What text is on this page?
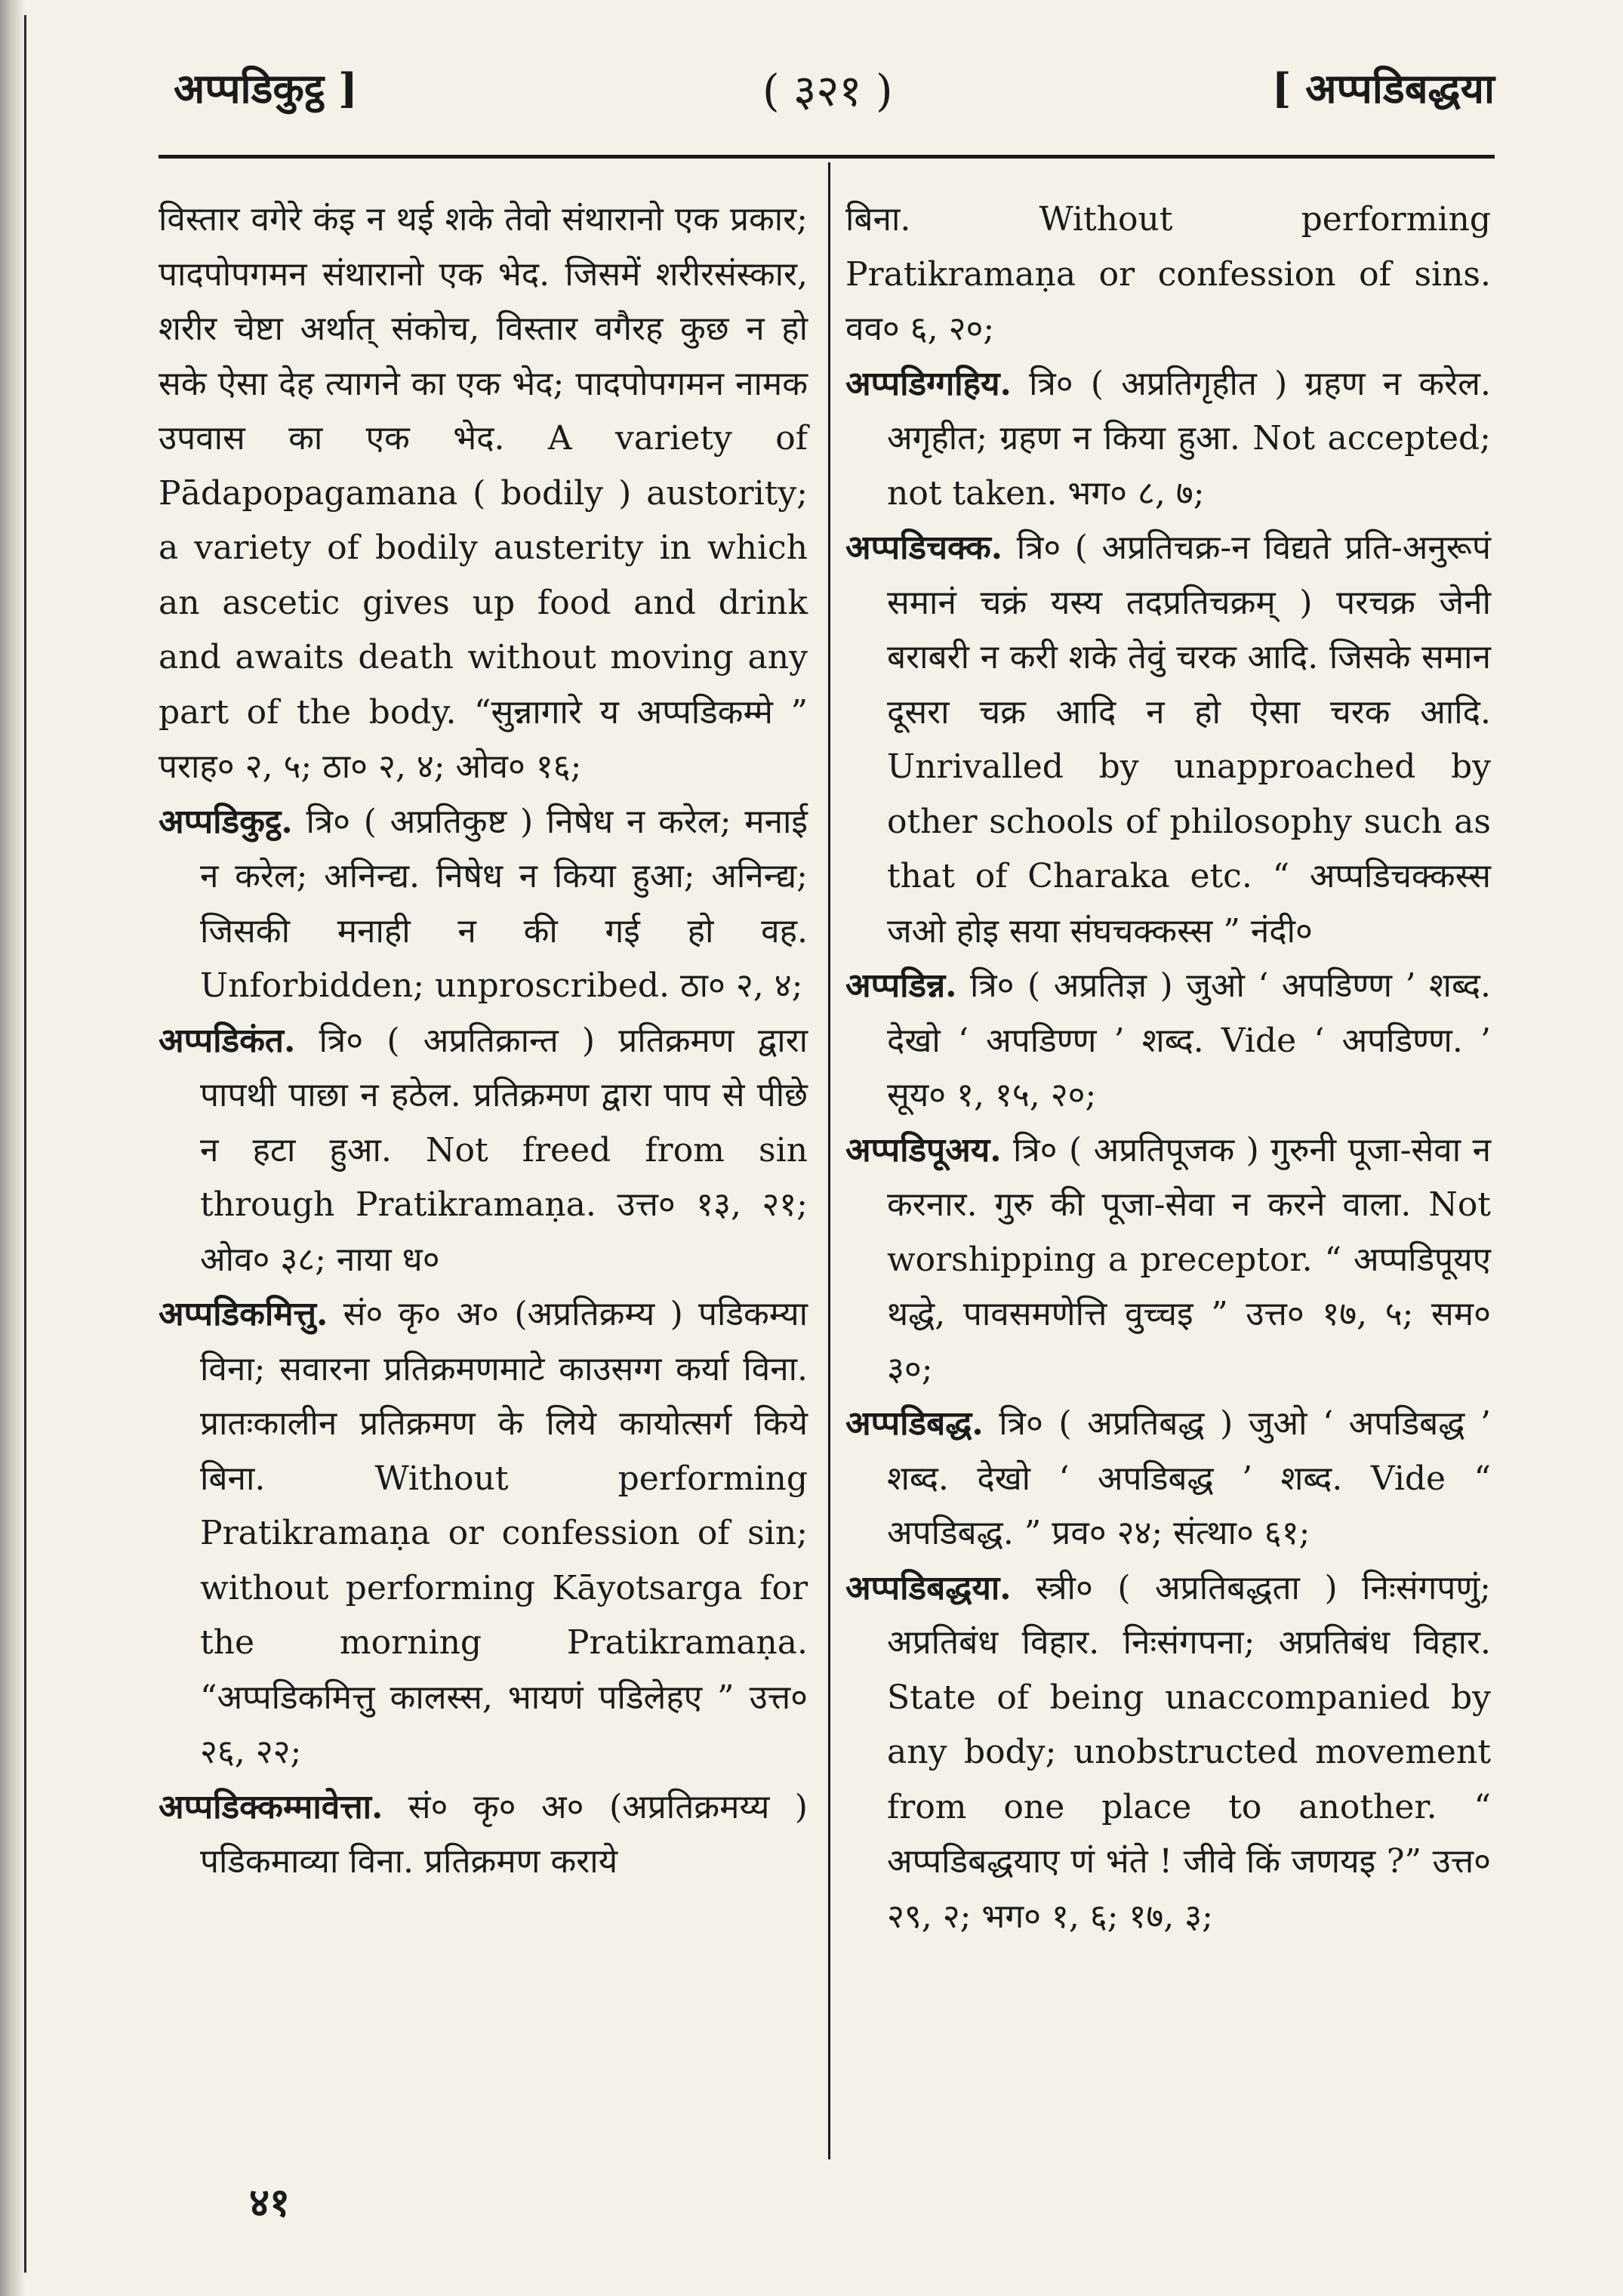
अप्पडिकुट्ठ ]	( ३२१ )	[ अप्पडिबद्धया

विस्तार वगेरे कंइ न थई शके तेवो संथारानो एक प्रकार; पादपोपगमन संथारानो एक भेद. जिसमें शरीरसंस्कार, शरीर चेष्टा अर्थात् संकोच, विस्तार वगैरह कुछ न हो सके ऐसा देह त्यागने का एक भेद; पादपोपगमन नामक उपवास का एक भेद. A variety of Pādapopagamana ( bodily ) austority; a variety of bodily austerity in which an ascetic gives up food and drink and awaits death without moving any part of the body. “सुन्नागारे य अप्पडिकम्मे ” पराह० २, ५; ठा० २, ४; ओव० १६;

अप्पडिकुट्ठ. त्रि० ( अप्रतिकुष्ट ) निषेध न करेल; मनाई न करेल; अनिन्द्य. निषेध न किया हुआ; अनिन्द्य; जिसकी मनाही न की गई हो वह. Unforbidden; unproscribed. ठा० २, ४;

अप्पडिकंत. त्रि० ( अप्रतिक्रान्त ) प्रतिक्रमण द्वारा पापथी पाछा न हठेल. प्रतिक्रमण द्वारा पाप से पीछे न हटा हुआ. Not freed from sin through Pratikramaṇa. उत्त० १३, २१; ओव० ३८; नाया ध०

अप्पडिकमित्तु. सं० कृ० अ० (अप्रतिक्रम्य ) पडिकम्या विना; सवारना प्रतिक्रमणमाटे काउसग्ग कर्या विना. प्रातःकालीन प्रतिक्रमण के लिये कायोत्सर्ग किये बिना. Without performing Pratikramaṇa or confession of sin; without performing Kāyotsarga for the morning Pratikramaṇa. “अप्पडिकमित्तु कालस्स, भायणं पडिलेहए ” उत्त० २६, २२;

अप्पडिक्कम्मावेत्ता. सं० कृ० अ० (अप्रतिक्रमय्य ) पडिकमाव्या विना. प्रतिक्रमण कराये

बिना. Without performing Pratikramaṇa or confession of sins. वव० ६, २०;

अप्पडिग्गहिय. त्रि० ( अप्रतिगृहीत ) ग्रहण न करेल. अगृहीत; ग्रहण न किया हुआ. Not accepted; not taken. भग० ८, ७;

अप्पडिचक्क. त्रि० ( अप्रतिचक्र-न विद्यते प्रति-अनुरूपं समानं चक्रं यस्य तदप्रतिचक्रम् ) परचक्र जेनी बराबरी न करी शके तेवुं चरक आदि. जिसके समान दूसरा चक्र आदि न हो ऐसा चरक आदि. Unrivalled by unapproached by other schools of philosophy such as that of Charaka etc. “ अप्पडिचक्कस्स जओ होइ सया संघचक्कस्स ” नंदी०

अप्पडिन्न. त्रि० ( अप्रतिज्ञ ) जुओ ‘ अपडिण्ण ’ शब्द. देखो ‘ अपडिण्ण ’ शब्द. Vide ‘ अपडिण्ण. ’ सूय० १, १५, २०;

अप्पडिपूअय. त्रि० ( अप्रतिपूजक ) गुरुनी पूजा-सेवा न करनार. गुरु की पूजा-सेवा न करने वाला. Not worshipping a preceptor. “ अप्पडिपूयए थद्धे, पावसमणेत्ति वुच्चइ ” उत्त० १७, ५; सम० ३०;

अप्पडिबद्ध. त्रि० ( अप्रतिबद्ध ) जुओ ‘ अपडिबद्ध ’ शब्द. देखो ‘ अपडिबद्ध ’ शब्द. Vide “ अपडिबद्ध. ” प्रव० २४; संत्था० ६१;

अप्पडिबद्धया. स्त्री० ( अप्रतिबद्धता ) निःसंगपणुं; अप्रतिबंध विहार. निःसंगपना; अप्रतिबंध विहार. State of being unaccompanied by any body; unobstructed movement from one place to another. “ अप्पडिबद्धयाए णं भंते ! जीवे किं जणयइ ?” उत्त० २९, २; भग० १, ६; १७, ३;

४१
